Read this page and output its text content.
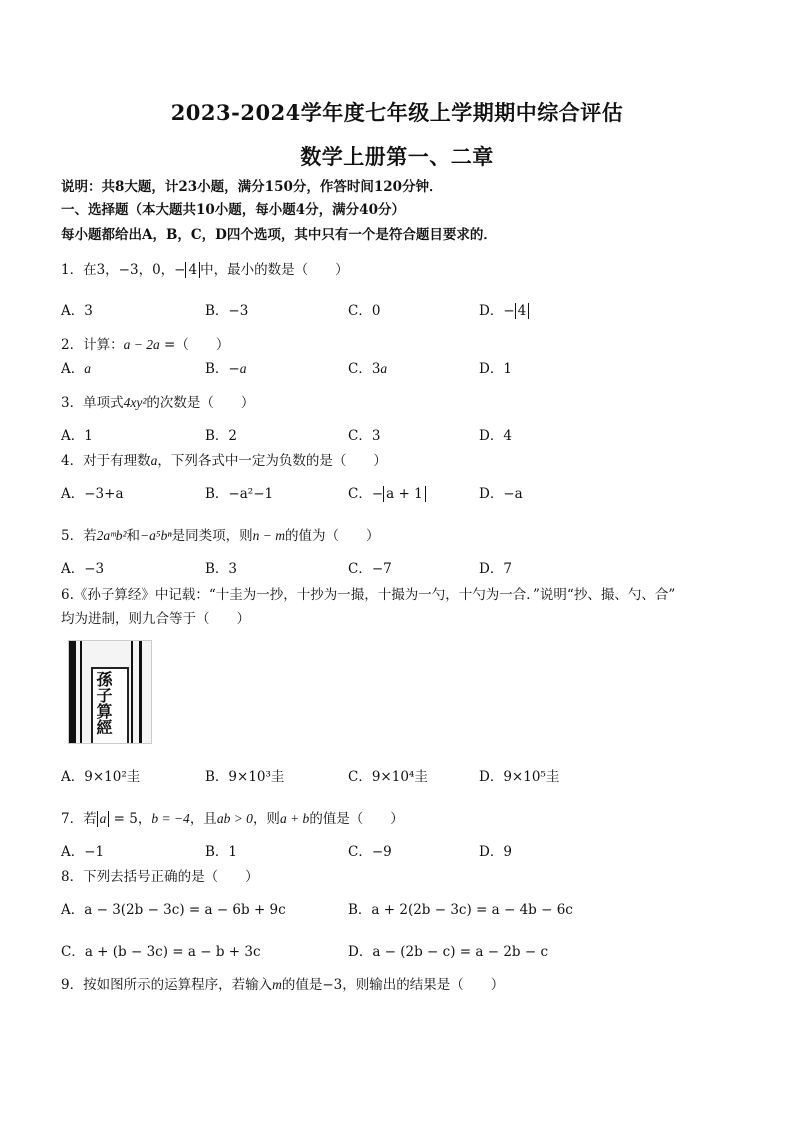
2023-2024学年度七年级上学期期中综合评估
数学上册第一、二章
说明：共8大题，计23小题，满分150分，作答时间120分钟．
一、选择题（本大题共10小题，每小题4分，满分40分）
每小题都给出A，B，C，D四个选项，其中只有一个是符合题目要求的．
1．在3，−3，0，− 4 中，最小的数是（　　）
A．3	B．−3	C．0	D．− 4
2．计算：a − 2a =（　　）
A．a	B．−a	C．3a	D．1
3．单项式4xy²的次数是（　　）
A．1	B．2	C．3	D．4
4．对于有理数a，下列各式中一定为负数的是（　　）
A．−3+a	B．−a²−1	C．− a + 1	D．−a
5．若2aᵐb²和−a⁵bⁿ是同类项，则n − m的值为（　　）
A．−3	B．3	C．−7	D．7
6.《孙子算经》中记载：“十圭为一抄，十抄为一撮，十撮为一勺，十勺为一合．”说明“抄、撮、勺、合”
均为进制，则九合等于（　　）
孫子算經
A．9×10²圭	B．9×10³圭	C．9×10⁴圭	D．9×10⁵圭
7．若 a = 5，b = −4，且ab > 0，则a + b的值是（　　）
A．−1	B．1	C．−9	D．9
8．下列去括号正确的是（　　）
A．a − 3(2b − 3c) = a − 6b + 9c	B．a + 2(2b − 3c) = a − 4b − 6c
C．a + (b − 3c) = a − b + 3c	D．a − (2b − c) = a − 2b − c
9．按如图所示的运算程序，若输入m的值是−3，则输出的结果是（　　）
